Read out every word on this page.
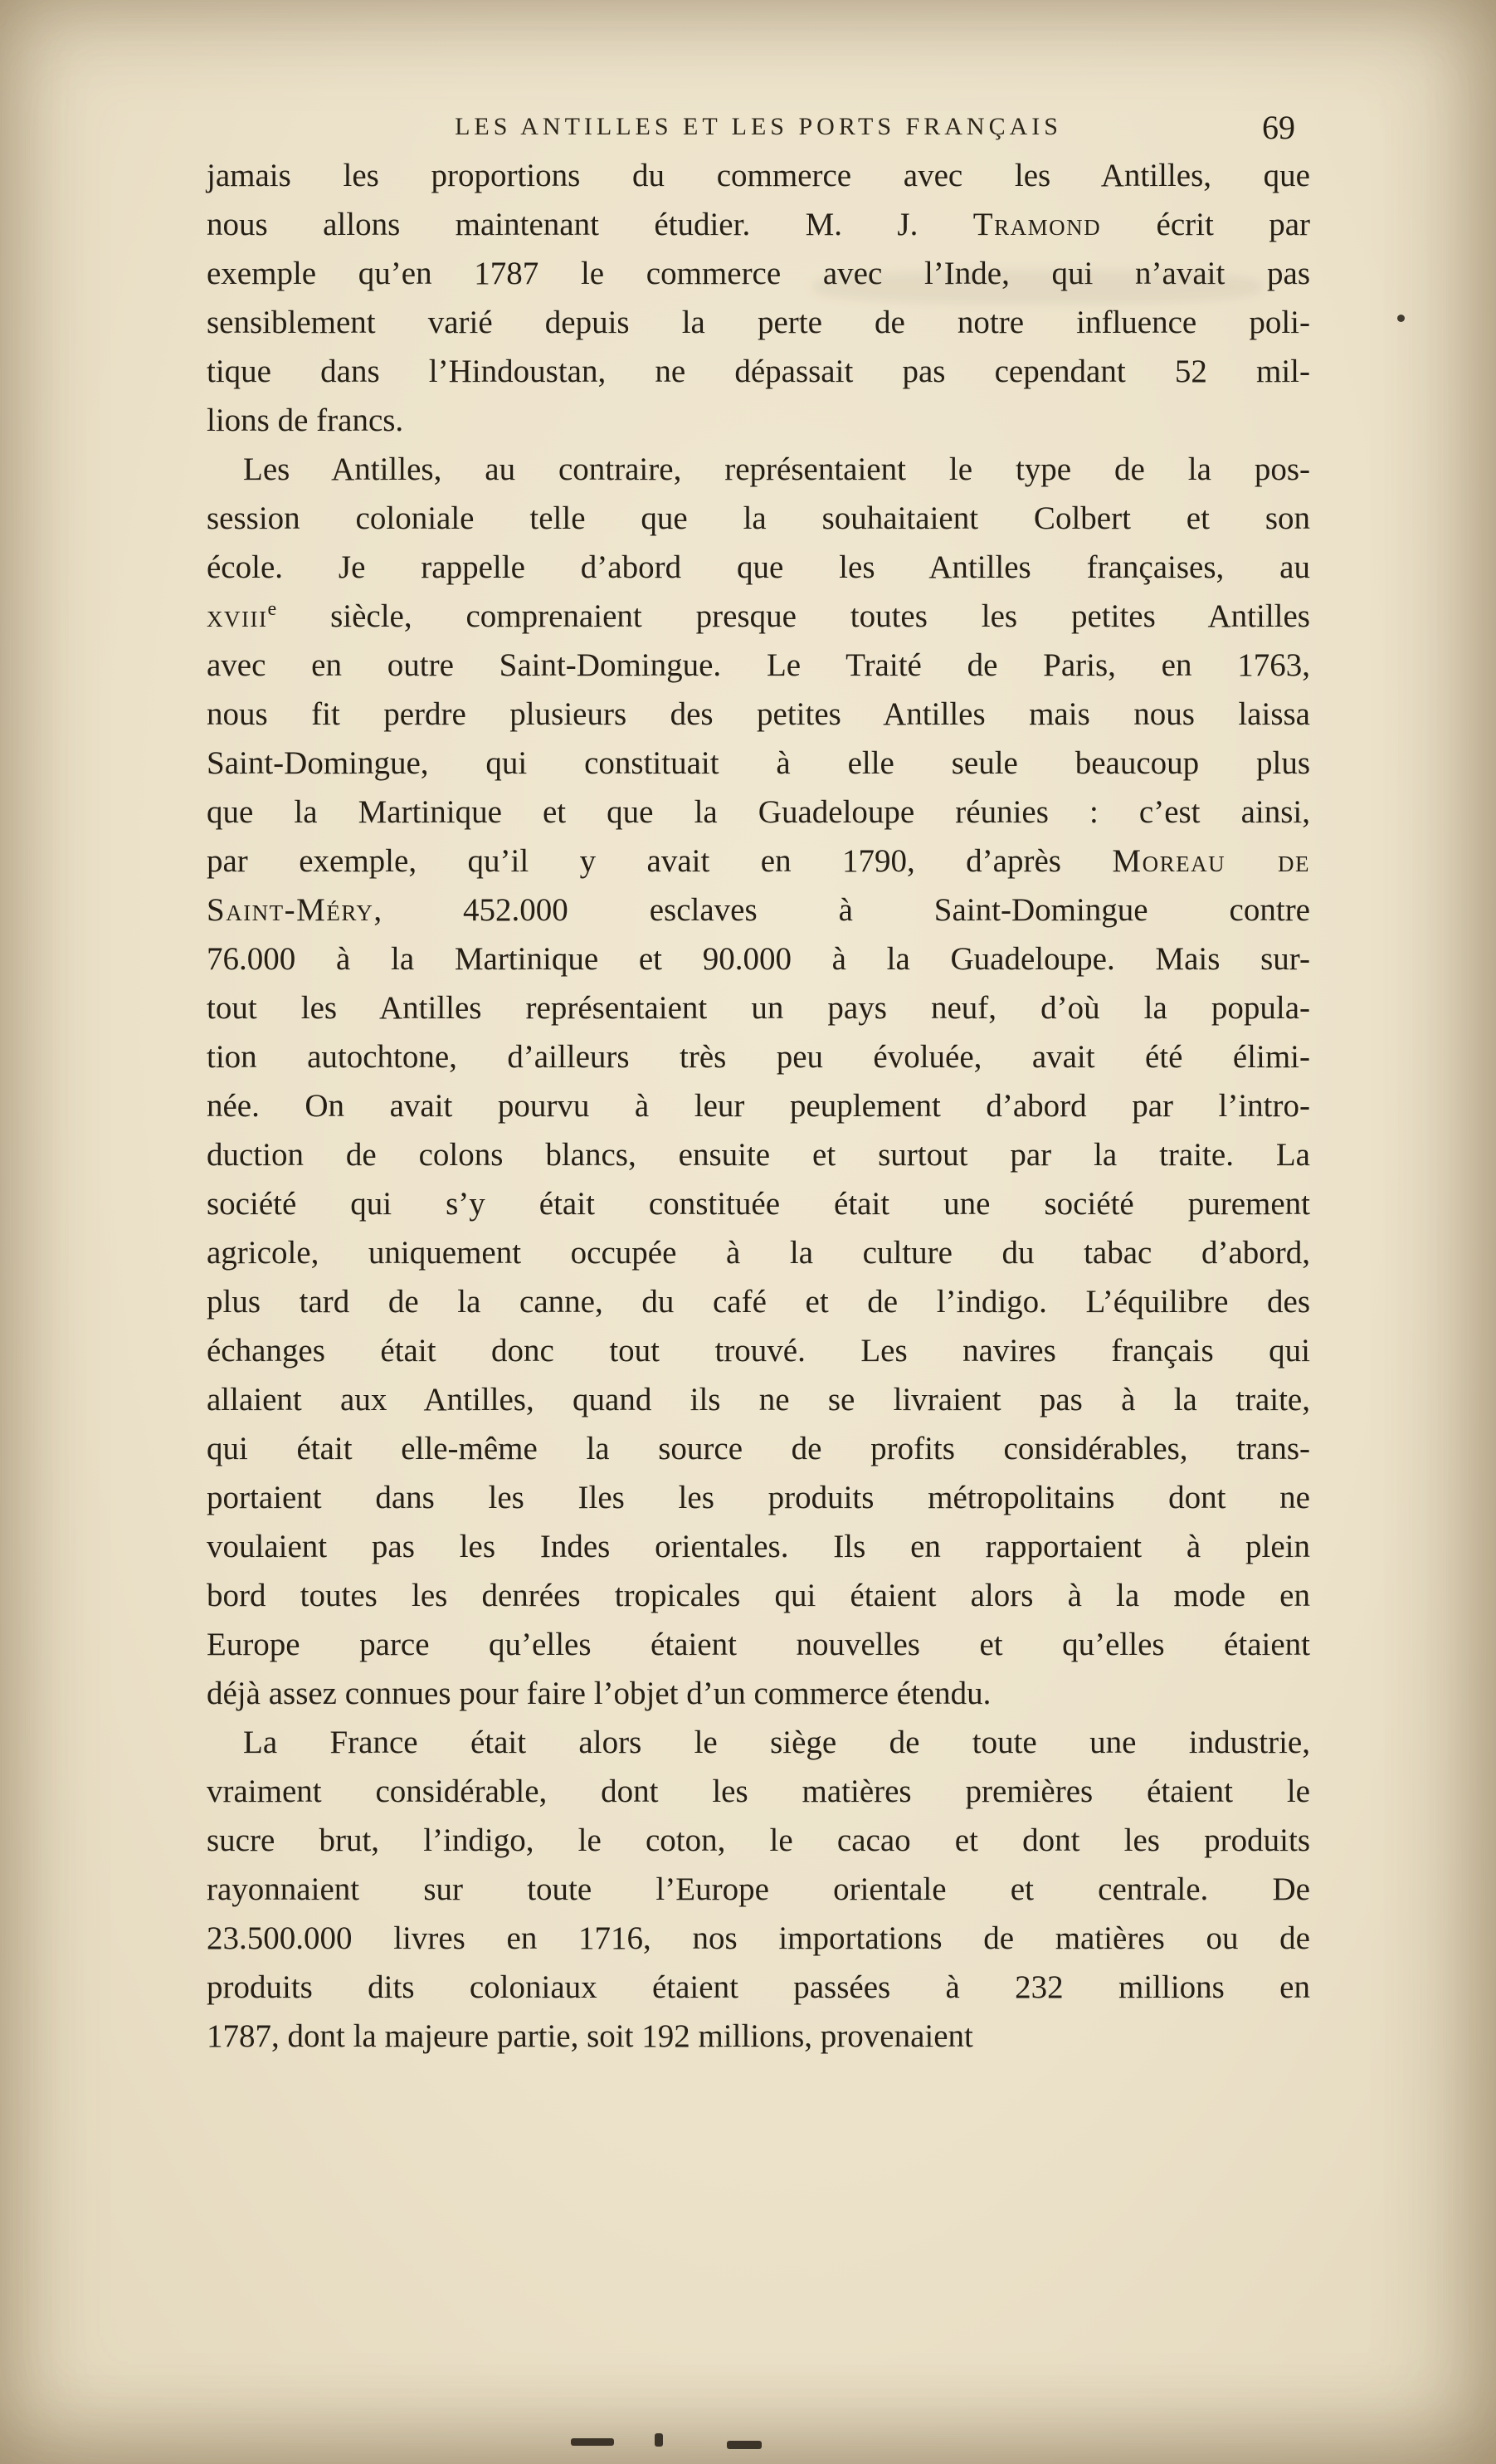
LES ANTILLES ET LES PORTS FRANÇAIS	69
jamais les proportions du commerce avec les Antilles, que
nous allons maintenant étudier. M. J. Tramond écrit par
exemple qu’en 1787 le commerce avec l’Inde, qui n’avait pas
sensiblement varié depuis la perte de notre influence poli-
tique dans l’Hindoustan, ne dépassait pas cependant 52 mil-
lions de francs.
Les Antilles, au contraire, représentaient le type de la pos-
session coloniale telle que la souhaitaient Colbert et son
école. Je rappelle d’abord que les Antilles françaises, au
xviii$^e$ siècle, comprenaient presque toutes les petites Antilles
avec en outre Saint-Domingue. Le Traité de Paris, en 1763,
nous fit perdre plusieurs des petites Antilles mais nous laissa
Saint-Domingue, qui constituait à elle seule beaucoup plus
que la Martinique et que la Guadeloupe réunies : c’est ainsi,
par exemple, qu’il y avait en 1790, d’après Moreau de
Saint-Méry, 452.000 esclaves à Saint-Domingue contre
76.000 à la Martinique et 90.000 à la Guadeloupe. Mais sur-
tout les Antilles représentaient un pays neuf, d’où la popula-
tion autochtone, d’ailleurs très peu évoluée, avait été élimi-
née. On avait pourvu à leur peuplement d’abord par l’intro-
duction de colons blancs, ensuite et surtout par la traite. La
société qui s’y était constituée était une société purement
agricole, uniquement occupée à la culture du tabac d’abord,
plus tard de la canne, du café et de l’indigo. L’équilibre des
échanges était donc tout trouvé. Les navires français qui
allaient aux Antilles, quand ils ne se livraient pas à la traite,
qui était elle-même la source de profits considérables, trans-
portaient dans les Iles les produits métropolitains dont ne
voulaient pas les Indes orientales. Ils en rapportaient à plein
bord toutes les denrées tropicales qui étaient alors à la mode en
Europe parce qu’elles étaient nouvelles et qu’elles étaient
déjà assez connues pour faire l’objet d’un commerce étendu.
La France était alors le siège de toute une industrie,
vraiment considérable, dont les matières premières étaient le
sucre brut, l’indigo, le coton, le cacao et dont les produits
rayonnaient sur toute l’Europe orientale et centrale. De
23.500.000 livres en 1716, nos importations de matières ou de
produits dits coloniaux étaient passées à 232 millions en
1787, dont la majeure partie, soit 192 millions, provenaient
